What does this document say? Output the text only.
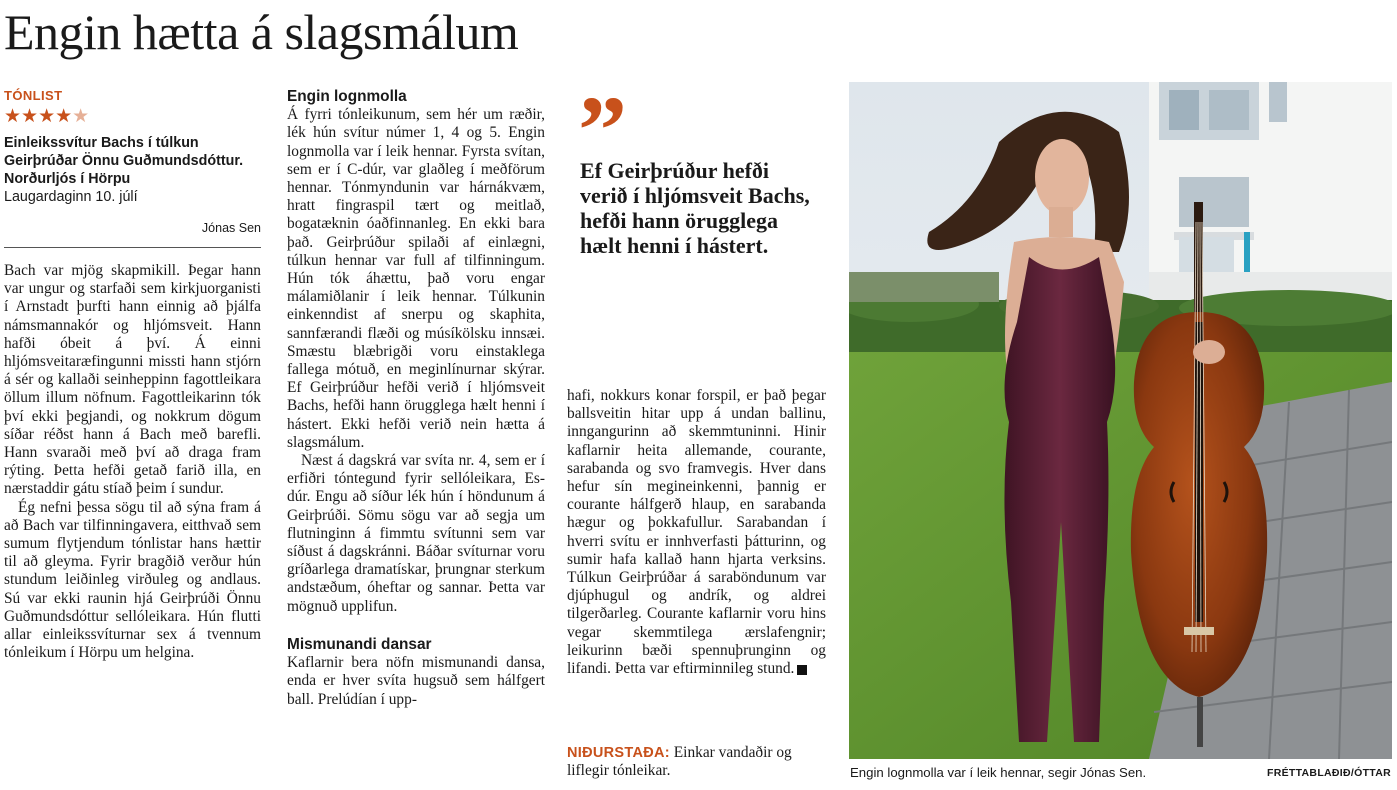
Engin hætta á slagsmálum
TÓNLIST
★★★★★
Einleikssvítur Bachs í túlkun Geirþrúðar Önnu Guðmundsdóttur. Norðurljós í Hörpu
Laugardaginn 10. júlí
Jónas Sen

Bach var mjög skapmikill. Þegar hann var ungur og starfaði sem kirkjuorganisti í Arnstadt þurfti hann einnig að þjálfa námsmannakór og hljómsveit. Hann hafði óbeit á því. Á einni hljómsveitaræfingunni missti hann stjórn á sér og kallaði seinheppinn fagottleikara öllum illum nöfnum. Fagottleikarinn tók því ekki þegjandi, og nokkrum dögum síðar réðst hann á Bach með barefli. Hann svaraði með því að draga fram rýting. Þetta hefði getað farið illa, en nærstaddir gátu stíað þeim í sundur.

Ég nefni þessa sögu til að sýna fram á að Bach var tilfinningavera, eitthvað sem sumum flytjendum tónlistar hans hættir til að gleyma. Fyrir bragðið verður hún stundum leiðinleg virðuleg og andlaus. Sú var ekki raunin hjá Geirþrúði Önnu Guðmundsdóttur sellóleikara. Hún flutti allar einleikssvíturnar sex á tvennum tónleikum í Hörpu um helgina.

Engin lognmolla

Á fyrri tónleikunum, sem hér um ræðir, lék hún svítur númer 1, 4 og 5. Engin lognmolla var í leik hennar. Fyrsta svítan, sem er í C-dúr, var glaðleg í meðförum hennar. Tónmyndunin var hárnákvæm, hratt fingraspil tært og meitlað, bogatæknin óaðfinnanleg. En ekki bara það. Geirþrúður spilaði af einlægni, túlkun hennar var full af tilfinningum. Hún tók áhættu, það voru engar málamiðlanir í leik hennar. Túlkunin einkenndist af snerpu og skaphita, sannfærandi flæði og músíkölsku innsæi. Smæstu blæbrigði voru einstaklega fallega mótuð, en meginlínurnar skýrar. Ef Geirþrúður hefði verið í hljómsveit Bachs, hefði hann örugglega hælt henni í hástert. Ekki hefði verið nein hætta á slagsmálum.

Næst á dagskrá var svíta nr. 4, sem er í erfiðri tóntegund fyrir sellóleikara, Es-dúr. Engu að síður lék hún í höndunum á Geirþrúði. Sömu sögu var að segja um flutninginn á fimmtu svítunni sem var síðust á dagskránni. Báðar svíturnar voru gríðarlega dramatískar, þrungnar sterkum andstæðum, óheftar og sannar. Þetta var mögnuð upplifun.

Mismunandi dansar

Kaflarnir bera nöfn mismunandi dansa, enda er hver svíta hugsuð sem hálfgert ball. Prelúdían í upp-

”

Ef Geirþrúður hefði verið í hljómsveit Bachs, hefði hann örugglega hælt henni í hástert.

hafi, nokkurs konar forspil, er það þegar ballsveitin hitar upp á undan ballinu, inngangurinn að skemmtuninni. Hinir kaflarnir heita allemande, courante, sarabanda og svo framvegis. Hver dans hefur sín megineinkenni, þannig er courante hálfgerð hlaup, en sarabanda hægur og þokkafullur. Sarabandan í hverri svítu er innhverfasti þátturinn, og sumir hafa kallað hann hjarta verksins. Túlkun Geirþrúðar á saraböndunum var djúphugul og andrík, og aldrei tilgerðarleg. Courante kaflarnir voru hins vegar skemmtilega ærslafengnir; leikurinn bæði spennuþrunginn og lifandi. Þetta var eftirminnileg stund.

NIÐURSTAÐA: Einkar vandaðir og liflegir tónleikar.	Engin lognmolla var í leik hennar, segir Jónas Sen.	FRÉTTABLAÐIÐ/ÓTTAR
